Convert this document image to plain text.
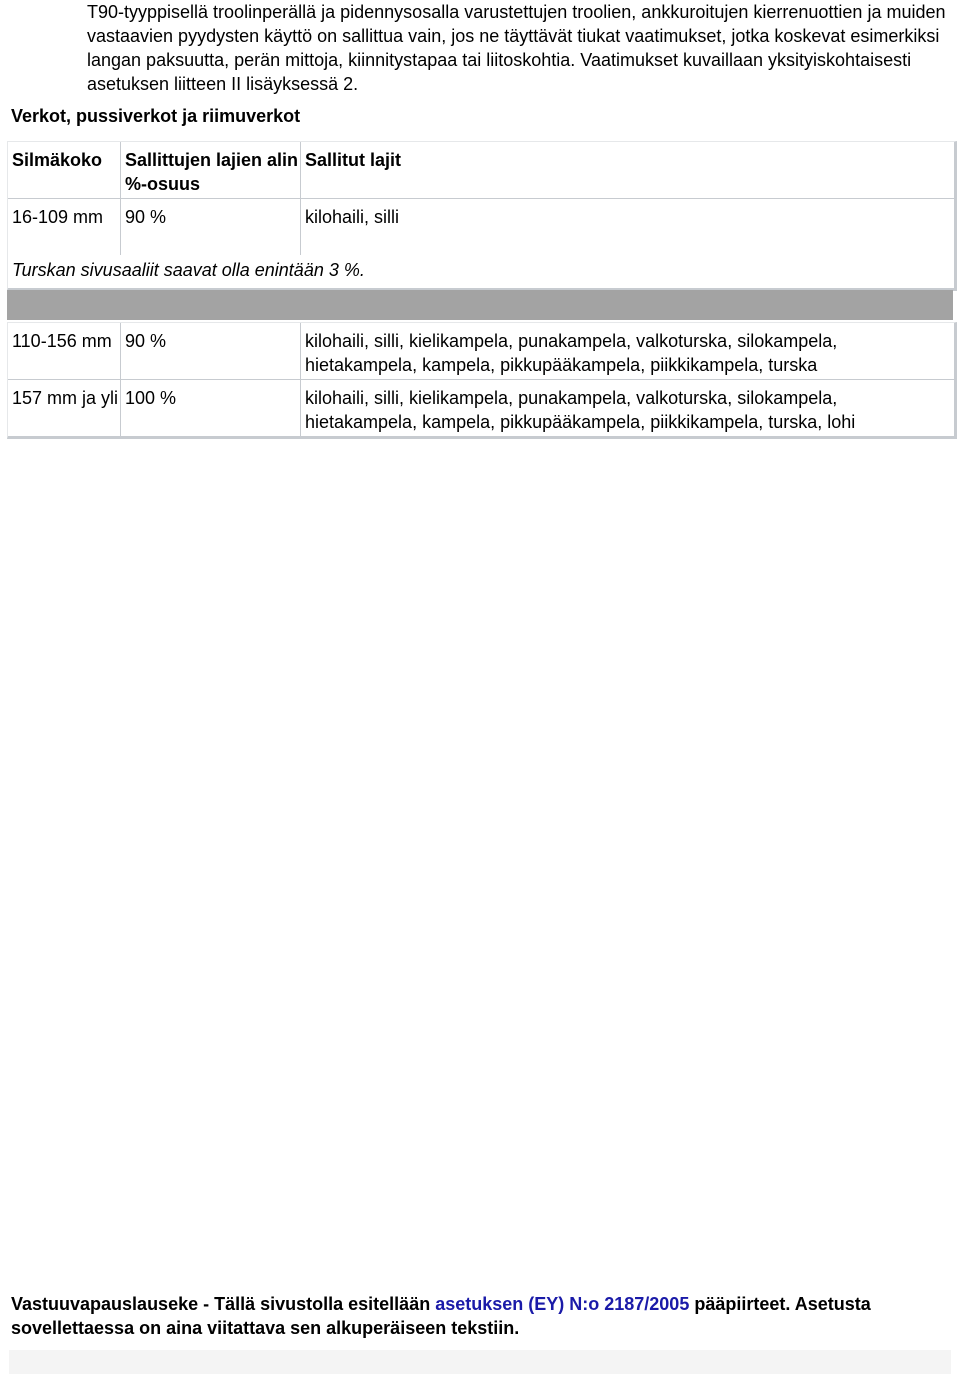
T90-tyyppisellä troolinperällä ja pidennysosalla varustettujen troolien, ankkuroitujen kierrenuottien ja muiden vastaavien pyydysten käyttö on sallittua vain, jos ne täyttävät tiukat vaatimukset, jotka koskevat esimerkiksi langan paksuutta, perän mittoja, kiinnitystapaa tai liitoskohtia. Vaatimukset kuvaillaan yksityiskohtaisesti asetuksen liitteen II lisäyksessä 2.

Verkot, pussiverkot ja riimuverkot

Silmäkoko	Sallittujen lajien alin %-osuus	Sallitut lajit
16-109 mm	90 %	kilohaili, silli
Turskan sivusaaliit saavat olla enintään 3 %.		
110-156 mm	90 %	kilohaili, silli, kielikampela, punakampela, valkoturska, silokampela, hietakampela, kampela, pikkupääkampela, piikkikampela, turska
157 mm ja yli	100 %	kilohaili, silli, kielikampela, punakampela, valkoturska, silokampela, hietakampela, kampela, pikkupääkampela, piikkikampela, turska, lohi

Vastuuvapauslauseke - Tällä sivustolla esitellään asetuksen (EY) N:o 2187/2005 pääpiirteet. Asetusta sovellettaessa on aina viitattava sen alkuperäiseen tekstiin.
